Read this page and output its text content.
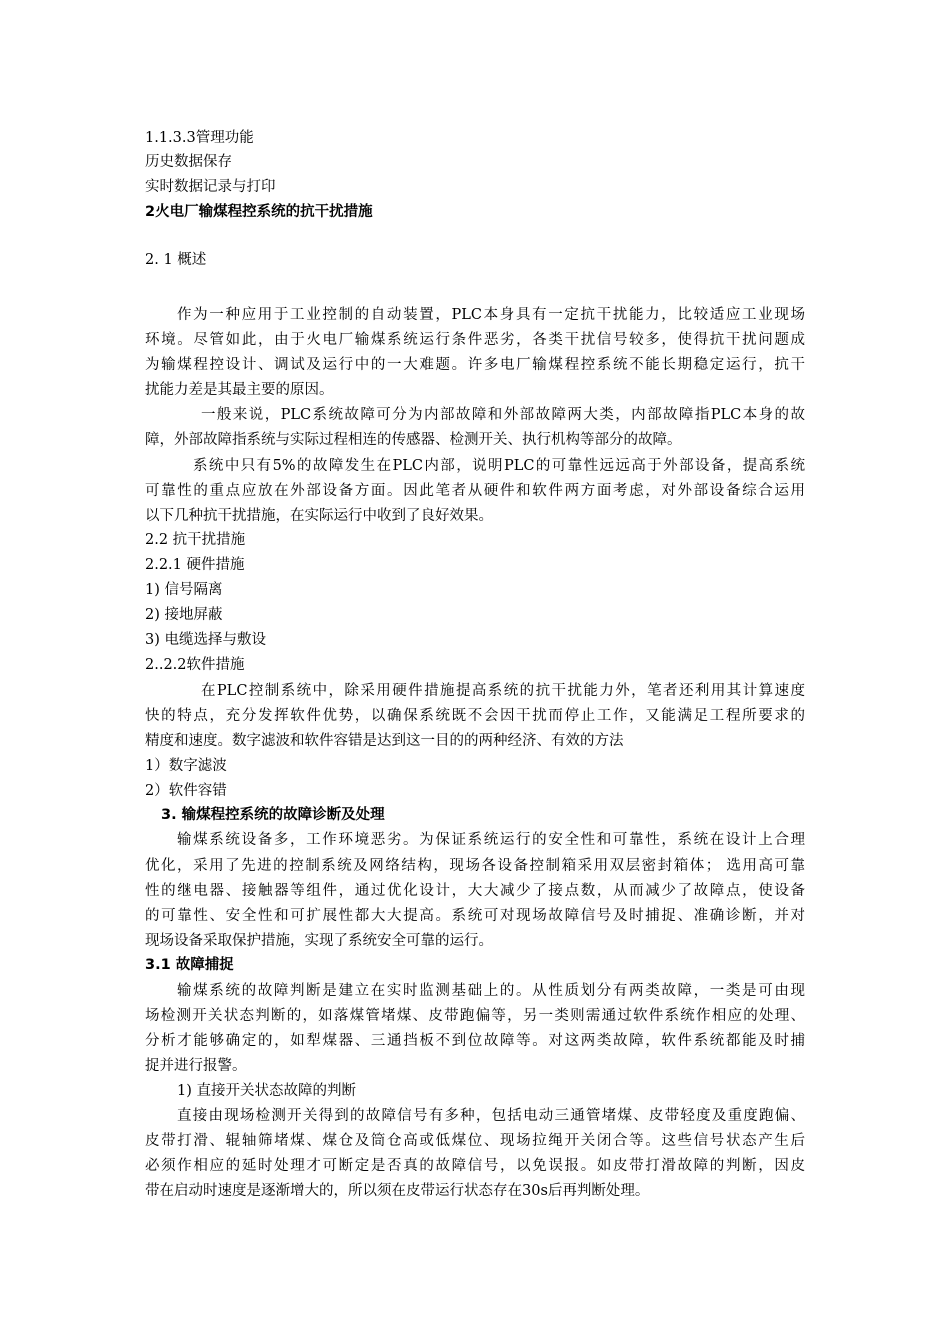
1.1.3.3管理功能
历史数据保存
实时数据记录与打印
2火电厂输煤程控系统的抗干扰措施
2. 1 概述
作为一种应用于工业控制的自动装置，PLC本身具有一定抗干扰能力，比较适应工业现场
环境。尽管如此，由于火电厂输煤系统运行条件恶劣，各类干扰信号较多，使得抗干扰问题成
为输煤程控设计、调试及运行中的一大难题。许多电厂输煤程控系统不能长期稳定运行，抗干
扰能力差是其最主要的原因。
一般来说，PLC系统故障可分为内部故障和外部故障两大类，内部故障指PLC本身的故
障，外部故障指系统与实际过程相连的传感器、检测开关、执行机构等部分的故障。
系统中只有5%的故障发生在PLC内部，说明PLC的可靠性远远高于外部设备，提高系统
可靠性的重点应放在外部设备方面。因此笔者从硬件和软件两方面考虑，对外部设备综合运用
以下几种抗干扰措施，在实际运行中收到了良好效果。
2.2 抗干扰措施
2.2.1 硬件措施
1) 信号隔离
2) 接地屏蔽
3) 电缆选择与敷设
2..2.2软件措施
在PLC控制系统中，除采用硬件措施提高系统的抗干扰能力外，笔者还利用其计算速度
快的特点，充分发挥软件优势，以确保系统既不会因干扰而停止工作，又能满足工程所要求的
精度和速度。数字滤波和软件容错是达到这一目的的两种经济、有效的方法
1）数字滤波
2）软件容错
3. 输煤程控系统的故障诊断及处理
输煤系统设备多，工作环境恶劣。为保证系统运行的安全性和可靠性，系统在设计上合理
优化，采用了先进的控制系统及网络结构，现场各设备控制箱采用双层密封箱体； 选用高可靠
性的继电器、接触器等组件，通过优化设计，大大减少了接点数，从而减少了故障点，使设备
的可靠性、安全性和可扩展性都大大提高。系统可对现场故障信号及时捕捉、准确诊断，并对
现场设备采取保护措施，实现了系统安全可靠的运行。
3.1 故障捕捉
输煤系统的故障判断是建立在实时监测基础上的。从性质划分有两类故障，一类是可由现
场检测开关状态判断的，如落煤管堵煤、皮带跑偏等，另一类则需通过软件系统作相应的处理、
分析才能够确定的，如犁煤器、三通挡板不到位故障等。对这两类故障，软件系统都能及时捕
捉并进行报警。
1) 直接开关状态故障的判断
直接由现场检测开关得到的故障信号有多种，包括电动三通管堵煤、皮带轻度及重度跑偏、
皮带打滑、辊轴筛堵煤、煤仓及筒仓高或低煤位、现场拉绳开关闭合等。这些信号状态产生后
必须作相应的延时处理才可断定是否真的故障信号，以免误报。如皮带打滑故障的判断，因皮
带在启动时速度是逐渐增大的，所以须在皮带运行状态存在30s后再判断处理。
